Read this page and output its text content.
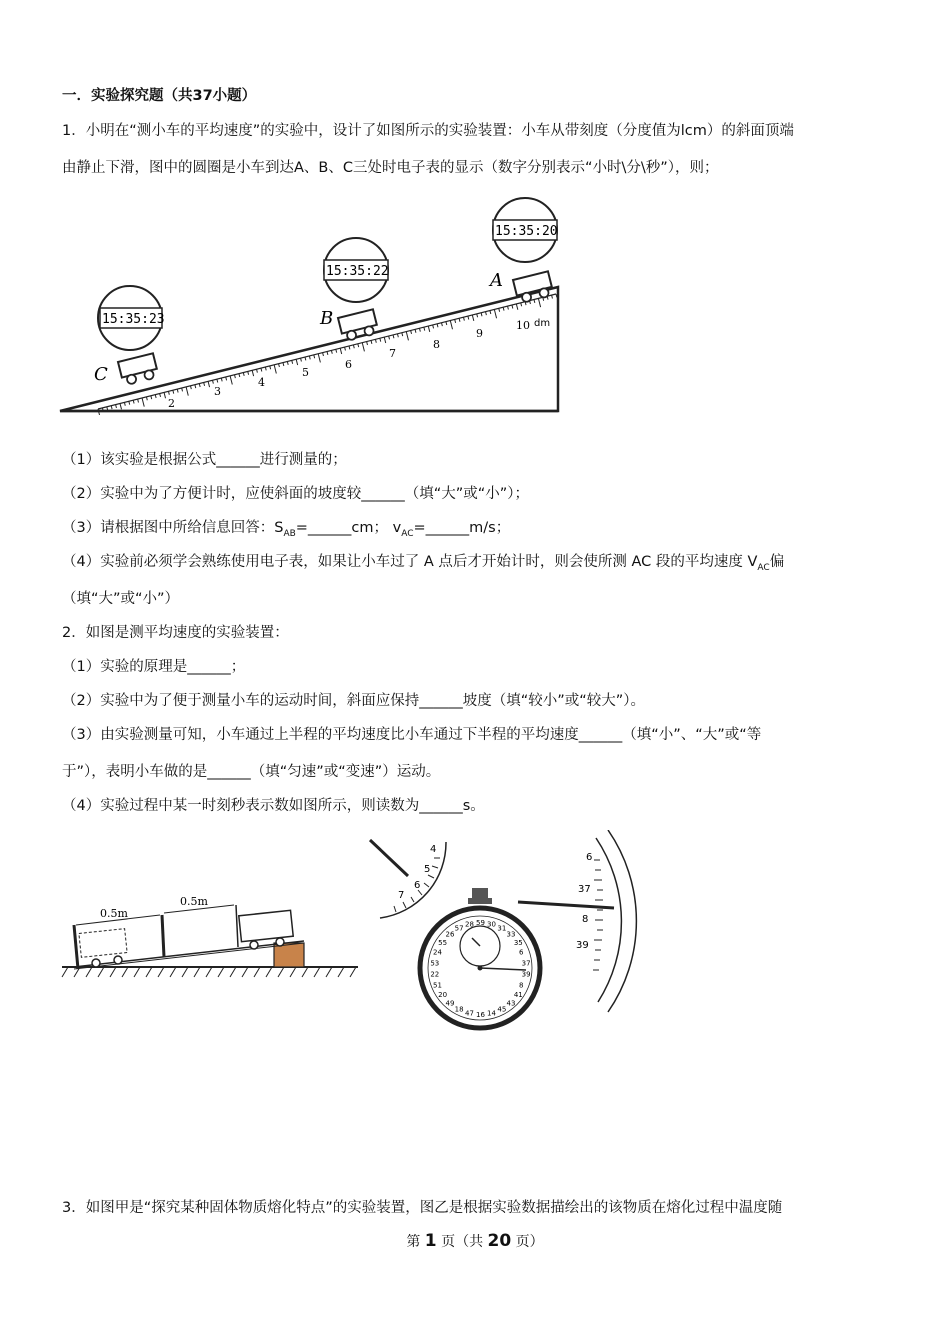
一．实验探究题（共37小题）
1．小明在“测小车的平均速度”的实验中，设计了如图所示的实验装置：小车从带刻度（分度值为lcm）的斜面顶端
由静止下滑，图中的圆圈是小车到达A、B、C三处时电子表的显示（数字分别表示“小时\分\秒”），则；
2
3
4
5
6
7
8
9
10 dm
C
15:35:23	B
15:35:22	A
15:35:20
（1）该实验是根据公式______进行测量的；
（2）实验中为了方便计时，应使斜面的坡度较______（填“大”或“小”）；
（3）请根据图中所给信息回答：$S_{AB}=\_\_\_\_\_\_cm$； $v_{AC}=\_\_\_\_\_\_m/s$；
（4）实验前必须学会熟练使用电子表，如果让小车过了 A 点后才开始计时，则会使所测 AC 段的平均速度 $V_{AC}$偏
（填“大”或“小”）
2．如图是测平均速度的实验装置：
（1）实验的原理是______；
（2）实验中为了便于测量小车的运动时间，斜面应保持______坡度（填“较小”或“较大”）。
（3）由实验测量可知，小车通过上半程的平均速度比小车通过下半程的平均速度______（填“小”、“大”或“等
于”），表明小车做的是______（填“匀速”或“变速”）运动。
（4）实验过程中某一时刻秒表示数如图所示，则读数为______s。
0.5m
0.5m
4
5
6
7
59 30 31
33
35
6
37
39
8
41
43
45
14
16
47
18
49
20
51
22
53
24
55
26
57 28
6
37
8
39
3．如图甲是“探究某种固体物质熔化特点”的实验装置，图乙是根据实验数据描绘出的该物质在熔化过程中温度随
第 1 页（共 20 页）
